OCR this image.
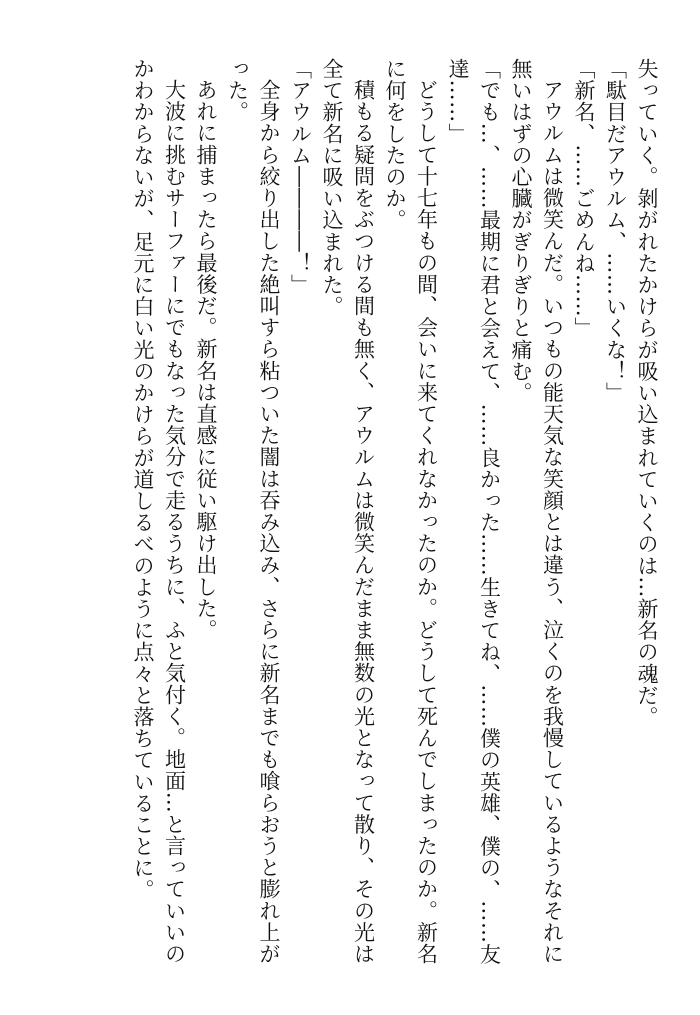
失っていく。剝がれたかけらが吸い込まれていくのは…新名の魂だ。
「駄目だアウルム、……いくな！」
「新名、……ごめんね……」
アウルムは微笑んだ。いつもの能天気な笑顔とは違う、泣くのを我慢しているようなそれに
無いはずの心臓がぎりぎりと痛む。
「でも…、……最期に君と会えて、……良かった……生きてね、……僕の英雄、僕の、……友
達……」
どうして十七年もの間、会いに来てくれなかったのか。どうして死んでしまったのか。新名
に何をしたのか。
積もる疑問をぶつける間も無く、アウルムは微笑んだまま無数の光となって散り、その光は
全て新名に吸い込まれた。
「アウルム――――！」
全身から絞り出した絶叫すら粘ついた闇は吞み込み、さらに新名までも喰らおうと膨れ上が
った。
あれに捕まったら最後だ。新名は直感に従い駆け出した。
大波に挑むサーファーにでもなった気分で走るうちに、ふと気付く。地面…と言っていいの
かわからないが、足元に白い光のかけらが道しるべのように点々と落ちていることに。
